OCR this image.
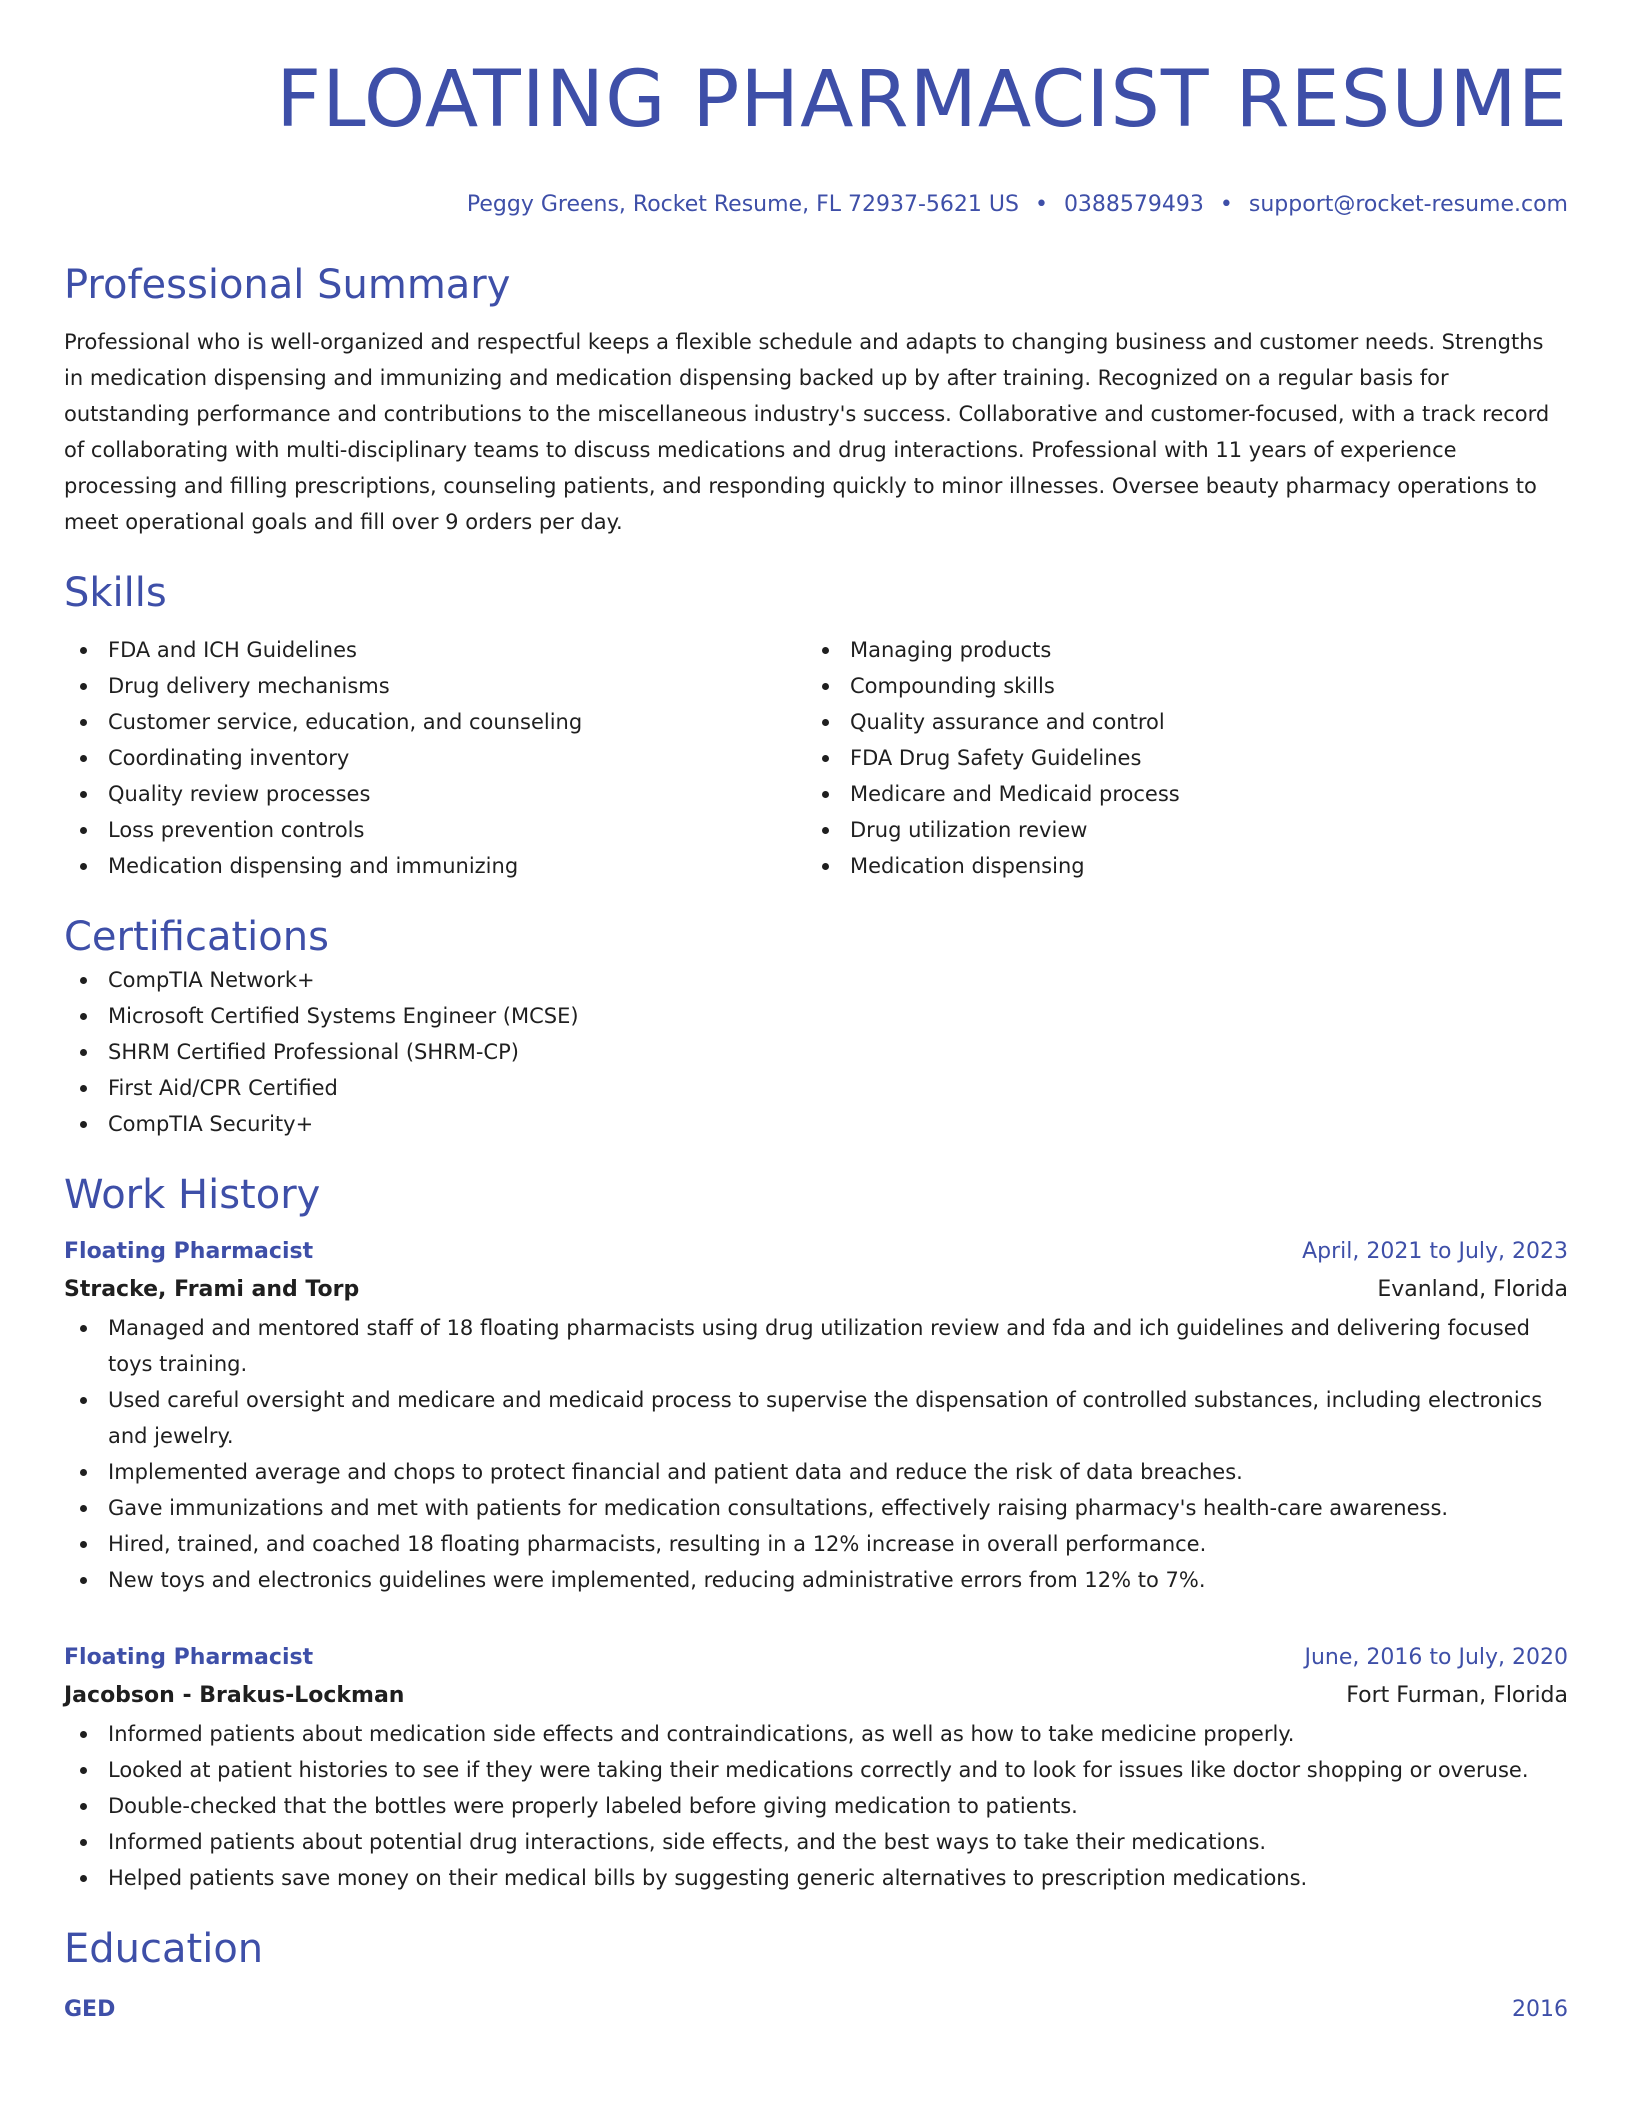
FLOATING PHARMACIST RESUME
Peggy Greens, Rocket Resume, FL 72937-5621 US • 0388579493 • support@rocket-resume.com
Professional Summary

Professional who is well-organized and respectful keeps a flexible schedule and adapts to changing business and customer needs. Strengths in medication dispensing and immunizing and medication dispensing backed up by after training. Recognized on a regular basis for outstanding performance and contributions to the miscellaneous industry's success. Collaborative and customer-focused, with a track record of collaborating with multi-disciplinary teams to discuss medications and drug interactions. Professional with 11 years of experience processing and filling prescriptions, counseling patients, and responding quickly to minor illnesses. Oversee beauty pharmacy operations to meet operational goals and fill over 9 orders per day.

Skills
FDA and ICH Guidelines
Drug delivery mechanisms
Customer service, education, and counseling
Coordinating inventory
Quality review processes
Loss prevention controls
Medication dispensing and immunizing
Managing products
Compounding skills
Quality assurance and control
FDA Drug Safety Guidelines
Medicare and Medicaid process
Drug utilization review
Medication dispensing
Certifications
CompTIA Network+
Microsoft Certified Systems Engineer (MCSE)
SHRM Certified Professional (SHRM-CP)
First Aid/CPR Certified
CompTIA Security+
Work History
Floating Pharmacist	April, 2021 to July, 2023
Stracke, Frami and Torp	Evanland, Florida
Managed and mentored staff of 18 floating pharmacists using drug utilization review and fda and ich guidelines and delivering focused toys training.
Used careful oversight and medicare and medicaid process to supervise the dispensation of controlled substances, including electronics and jewelry.
Implemented average and chops to protect financial and patient data and reduce the risk of data breaches.
Gave immunizations and met with patients for medication consultations, effectively raising pharmacy's health-care awareness.
Hired, trained, and coached 18 floating pharmacists, resulting in a 12% increase in overall performance.
New toys and electronics guidelines were implemented, reducing administrative errors from 12% to 7%.
Floating Pharmacist	June, 2016 to July, 2020
Jacobson - Brakus-Lockman	Fort Furman, Florida
Informed patients about medication side effects and contraindications, as well as how to take medicine properly.
Looked at patient histories to see if they were taking their medications correctly and to look for issues like doctor shopping or overuse.
Double-checked that the bottles were properly labeled before giving medication to patients.
Informed patients about potential drug interactions, side effects, and the best ways to take their medications.
Helped patients save money on their medical bills by suggesting generic alternatives to prescription medications.
Education
GED	2016
